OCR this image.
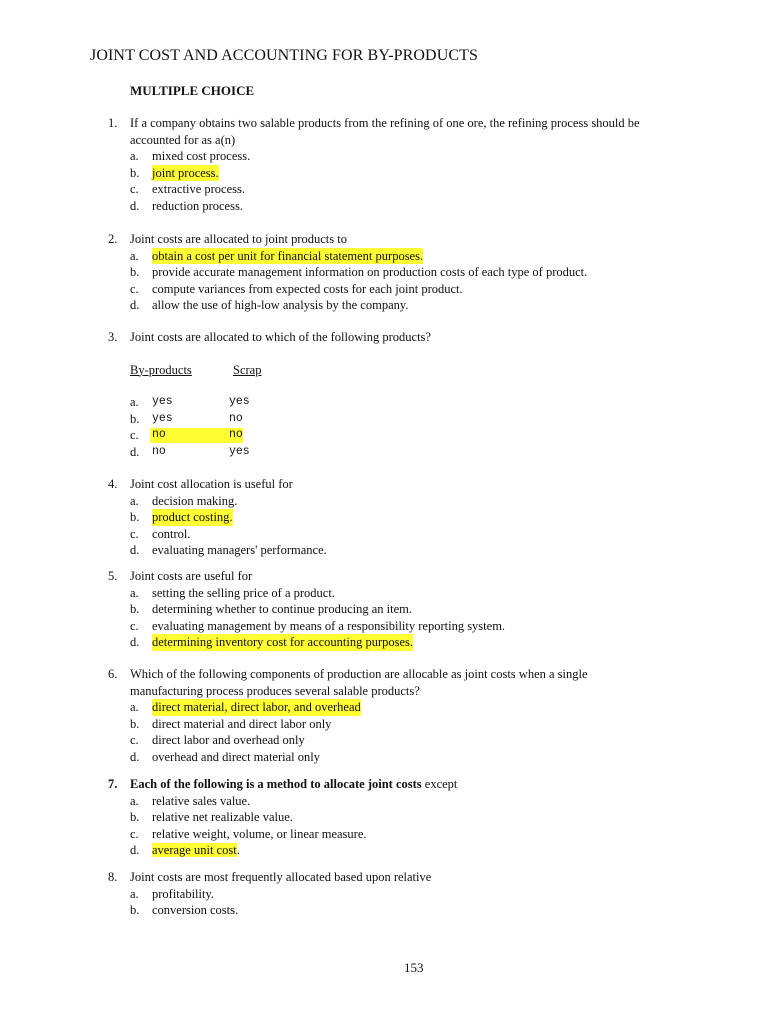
JOINT COST AND ACCOUNTING FOR BY-PRODUCTS
MULTIPLE CHOICE
1. If a company obtains two salable products from the refining of one ore, the refining process should be
accounted for as a(n)
a. mixed cost process.
b. joint process.
c. extractive process.
d. reduction process.
2. Joint costs are allocated to joint products to
a. obtain a cost per unit for financial statement purposes.
b. provide accurate management information on production costs of each type of product.
c. compute variances from expected costs for each joint product.
d. allow the use of high-low analysis by the company.
3. Joint costs are allocated to which of the following products?
By-products	Scrap
a. yes	yes
b. yes	no
c. no	no
d. no	yes
4. Joint cost allocation is useful for
a. decision making.
b. product costing.
c. control.
d. evaluating managers' performance.
5. Joint costs are useful for
a. setting the selling price of a product.
b. determining whether to continue producing an item.
c. evaluating management by means of a responsibility reporting system.
d. determining inventory cost for accounting purposes.
6. Which of the following components of production are allocable as joint costs when a single
manufacturing process produces several salable products?
a. direct material, direct labor, and overhead
b. direct material and direct labor only
c. direct labor and overhead only
d. overhead and direct material only
7. Each of the following is a method to allocate joint costs except
a. relative sales value.
b. relative net realizable value.
c. relative weight, volume, or linear measure.
d. average unit cost.
8. Joint costs are most frequently allocated based upon relative
a. profitability.
b. conversion costs.
153
